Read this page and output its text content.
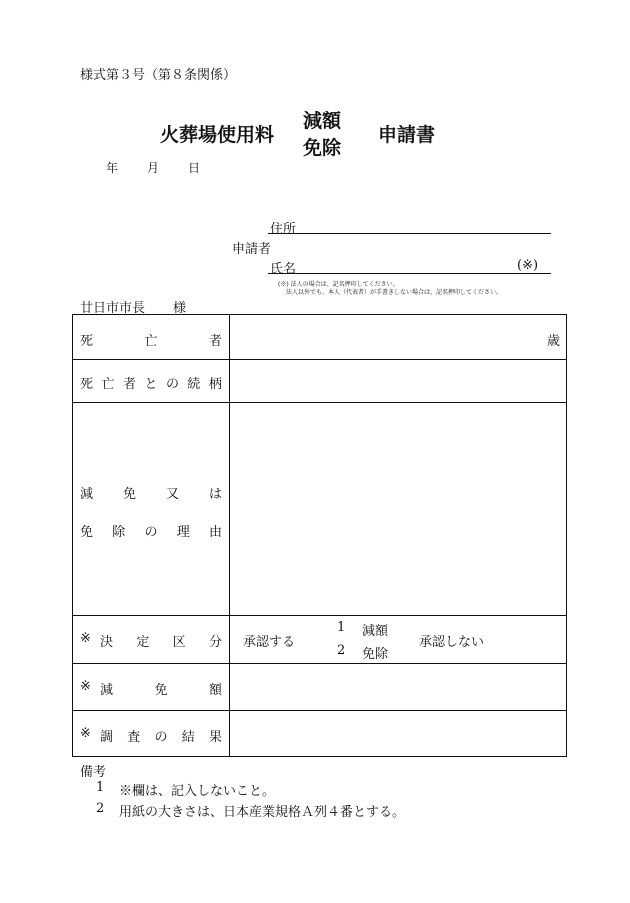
様式第３号（第８条関係）
火葬場使用料
減額
免除
申請書
年 月 日
住所
申請者
氏名	(※)
(※) 法人の場合は、記名押印してください。
法人以外でも、本人（代表者）が手書きしない場合は、記名押印してください。
廿日市市長 様
死	亡	者	歳
死 亡 者 と の 続 柄
減 免 又 は
免 除 の 理 由
※ 決 定 区 分 承認する
1 減額
2 免除
承認しない
※ 減	免	額
※ 調 査 の 結 果
備考
1 ※欄は、記入しないこと。
2 用紙の大きさは、日本産業規格Ａ列４番とする。
